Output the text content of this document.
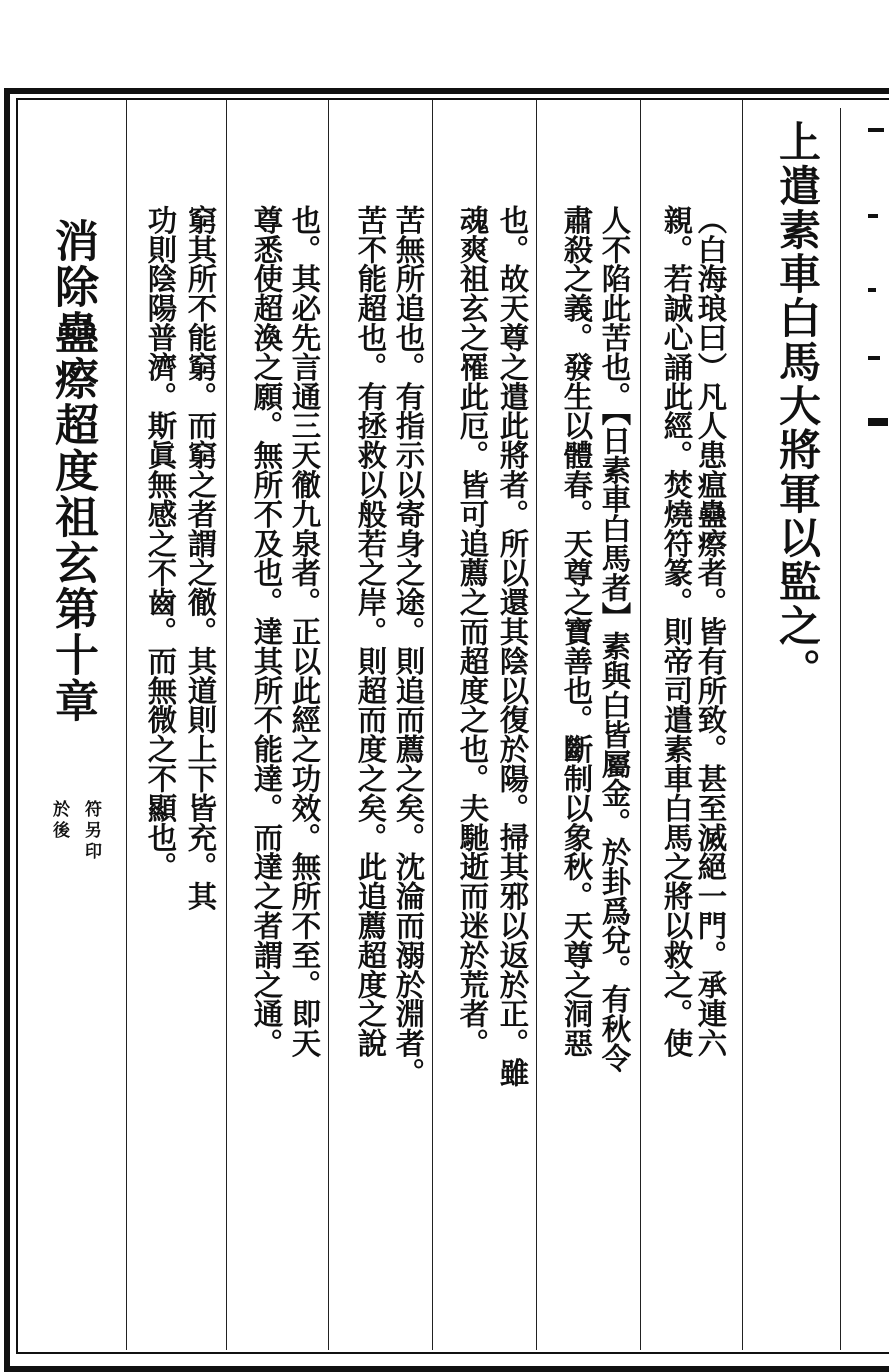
上遣素車白馬大將軍以監之。
（白海琅曰）凡人患瘟蠱瘵者。皆有所致。甚至滅絕一門。承連六
親。若誠心誦此經。焚燒符篆。則帝司遣素車白馬之將以救之。使
人不陷此苦也。【日素車白馬者】素與白皆屬金。於卦爲兌。有秋令
肅殺之義。發生以體春。天尊之寶善也。斷制以象秋。天尊之洞惡
也。故天尊之遣此將者。所以還其陰以復於陽。掃其邪以返於正。雖
魂爽祖玄之罹此厄。皆可追薦之而超度之也。夫馳逝而迷於荒者。
苦無所追也。有指示以寄身之途。則追而薦之矣。沈淪而溺於淵者。
苦不能超也。有拯救以般若之岸。則超而度之矣。此追薦超度之說
也。其必先言通三天徹九泉者。正以此經之功效。無所不至。即天
尊悉使超渙之願。無所不及也。達其所不能達。而達之者謂之通。
窮其所不能窮。而窮之者謂之徹。其道則上下皆充。其
功則陰陽普濟。斯眞無感之不齒。而無微之不顯也。
消除蠱瘵超度祖玄第十章
符另印
於後
